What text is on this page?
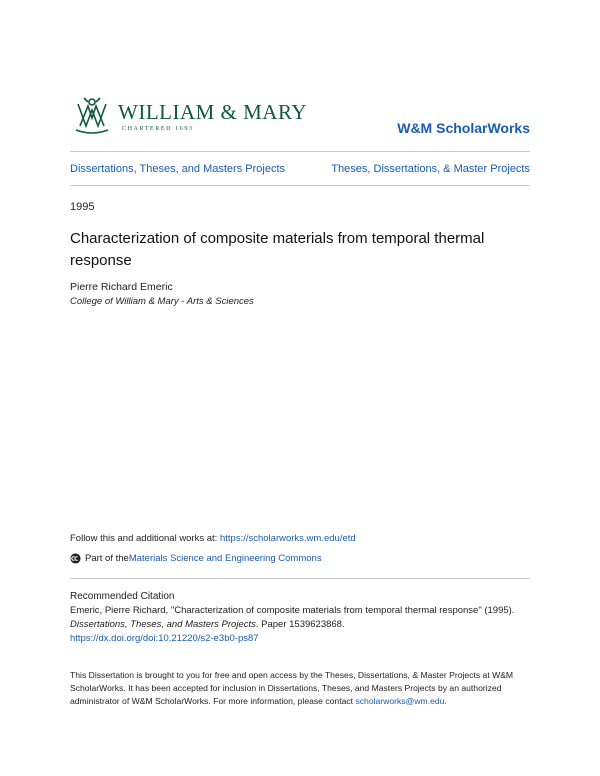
WILLIAM & MARY
CHARTERED 1693	W&M ScholarWorks
Dissertations, Theses, and Masters Projects	Theses, Dissertations, & Master Projects
1995
Characterization of composite materials from temporal thermal response
Pierre Richard Emeric
College of William & Mary - Arts & Sciences
Follow this and additional works at: https://scholarworks.wm.edu/etd
Part of the Materials Science and Engineering Commons
Recommended Citation
Emeric, Pierre Richard, "Characterization of composite materials from temporal thermal response" (1995).
Dissertations, Theses, and Masters Projects. Paper 1539623868.
https://dx.doi.org/doi:10.21220/s2-e3b0-ps87
This Dissertation is brought to you for free and open access by the Theses, Dissertations, & Master Projects at W&M ScholarWorks. It has been accepted for inclusion in Dissertations, Theses, and Masters Projects by an authorized administrator of W&M ScholarWorks. For more information, please contact scholarworks@wm.edu.
